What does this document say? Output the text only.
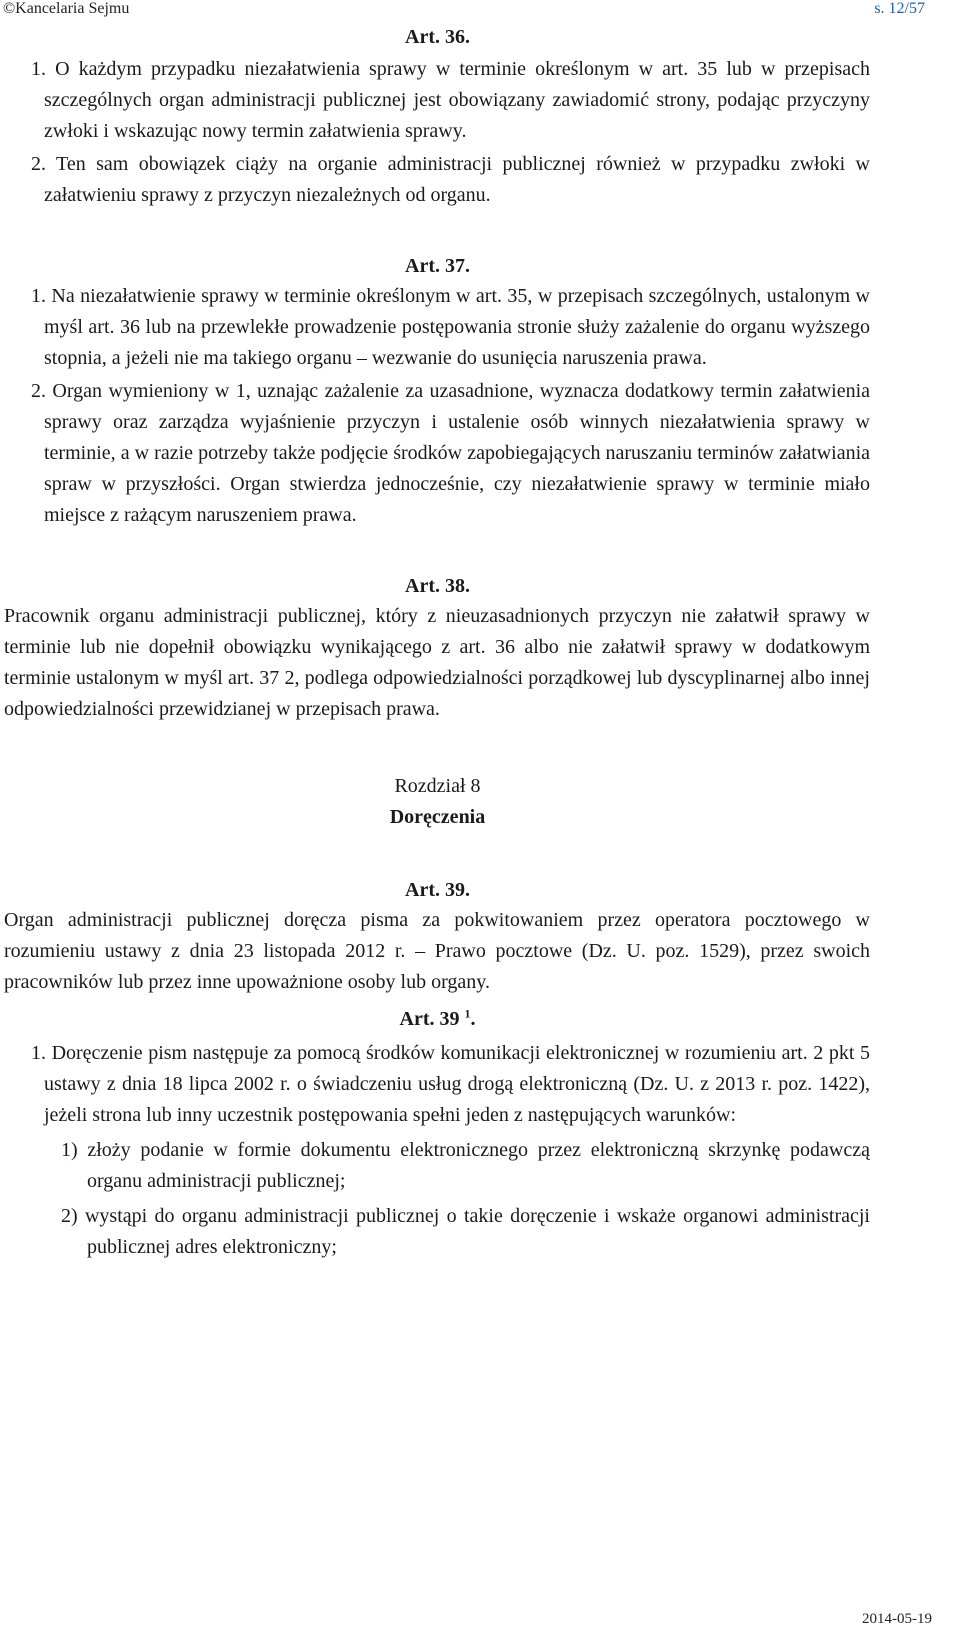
©Kancelaria Sejmu	s. 12/57
Art. 36.

1. O każdym przypadku niezałatwienia sprawy w terminie określonym w art. 35 lub w przepisach szczególnych organ administracji publicznej jest obowiązany zawiadomić strony, podając przyczyny zwłoki i wskazując nowy termin załatwienia sprawy.

2. Ten sam obowiązek ciąży na organie administracji publicznej również w przypadku zwłoki w załatwieniu sprawy z przyczyn niezależnych od organu.

Art. 37.

1. Na niezałatwienie sprawy w terminie określonym w art. 35, w przepisach szczególnych, ustalonym w myśl art. 36 lub na przewlekłe prowadzenie postępowania stronie służy zażalenie do organu wyższego stopnia, a jeżeli nie ma takiego organu – wezwanie do usunięcia naruszenia prawa.

2. Organ wymieniony w 1, uznając zażalenie za uzasadnione, wyznacza dodatkowy termin załatwienia sprawy oraz zarządza wyjaśnienie przyczyn i ustalenie osób winnych niezałatwienia sprawy w terminie, a w razie potrzeby także podjęcie środków zapobiegających naruszaniu terminów załatwiania spraw w przyszłości. Organ stwierdza jednocześnie, czy niezałatwienie sprawy w terminie miało miejsce z rażącym naruszeniem prawa.

Art. 38.

Pracownik organu administracji publicznej, który z nieuzasadnionych przyczyn nie załatwił sprawy w terminie lub nie dopełnił obowiązku wynikającego z art. 36 albo nie załatwił sprawy w dodatkowym terminie ustalonym w myśl art. 37 2, podlega odpowiedzialności porządkowej lub dyscyplinarnej albo innej odpowiedzialności przewidzianej w przepisach prawa.

Rozdział 8
Doręczenia
Art. 39.

Organ administracji publicznej doręcza pisma za pokwitowaniem przez operatora pocztowego w rozumieniu ustawy z dnia 23 listopada 2012 r. – Prawo pocztowe (Dz. U. poz. 1529), przez swoich pracowników lub przez inne upoważnione osoby lub organy.

Art. 39 $^1$.

1. Doręczenie pism następuje za pomocą środków komunikacji elektronicznej w rozumieniu art. 2 pkt 5 ustawy z dnia 18 lipca 2002 r. o świadczeniu usług drogą elektroniczną (Dz. U. z 2013 r. poz. 1422), jeżeli strona lub inny uczestnik postępowania spełni jeden z następujących warunków:

1) złoży podanie w formie dokumentu elektronicznego przez elektroniczną skrzynkę podawczą organu administracji publicznej;

2) wystąpi do organu administracji publicznej o takie doręczenie i wskaże organowi administracji publicznej adres elektroniczny;

2014-05-19
